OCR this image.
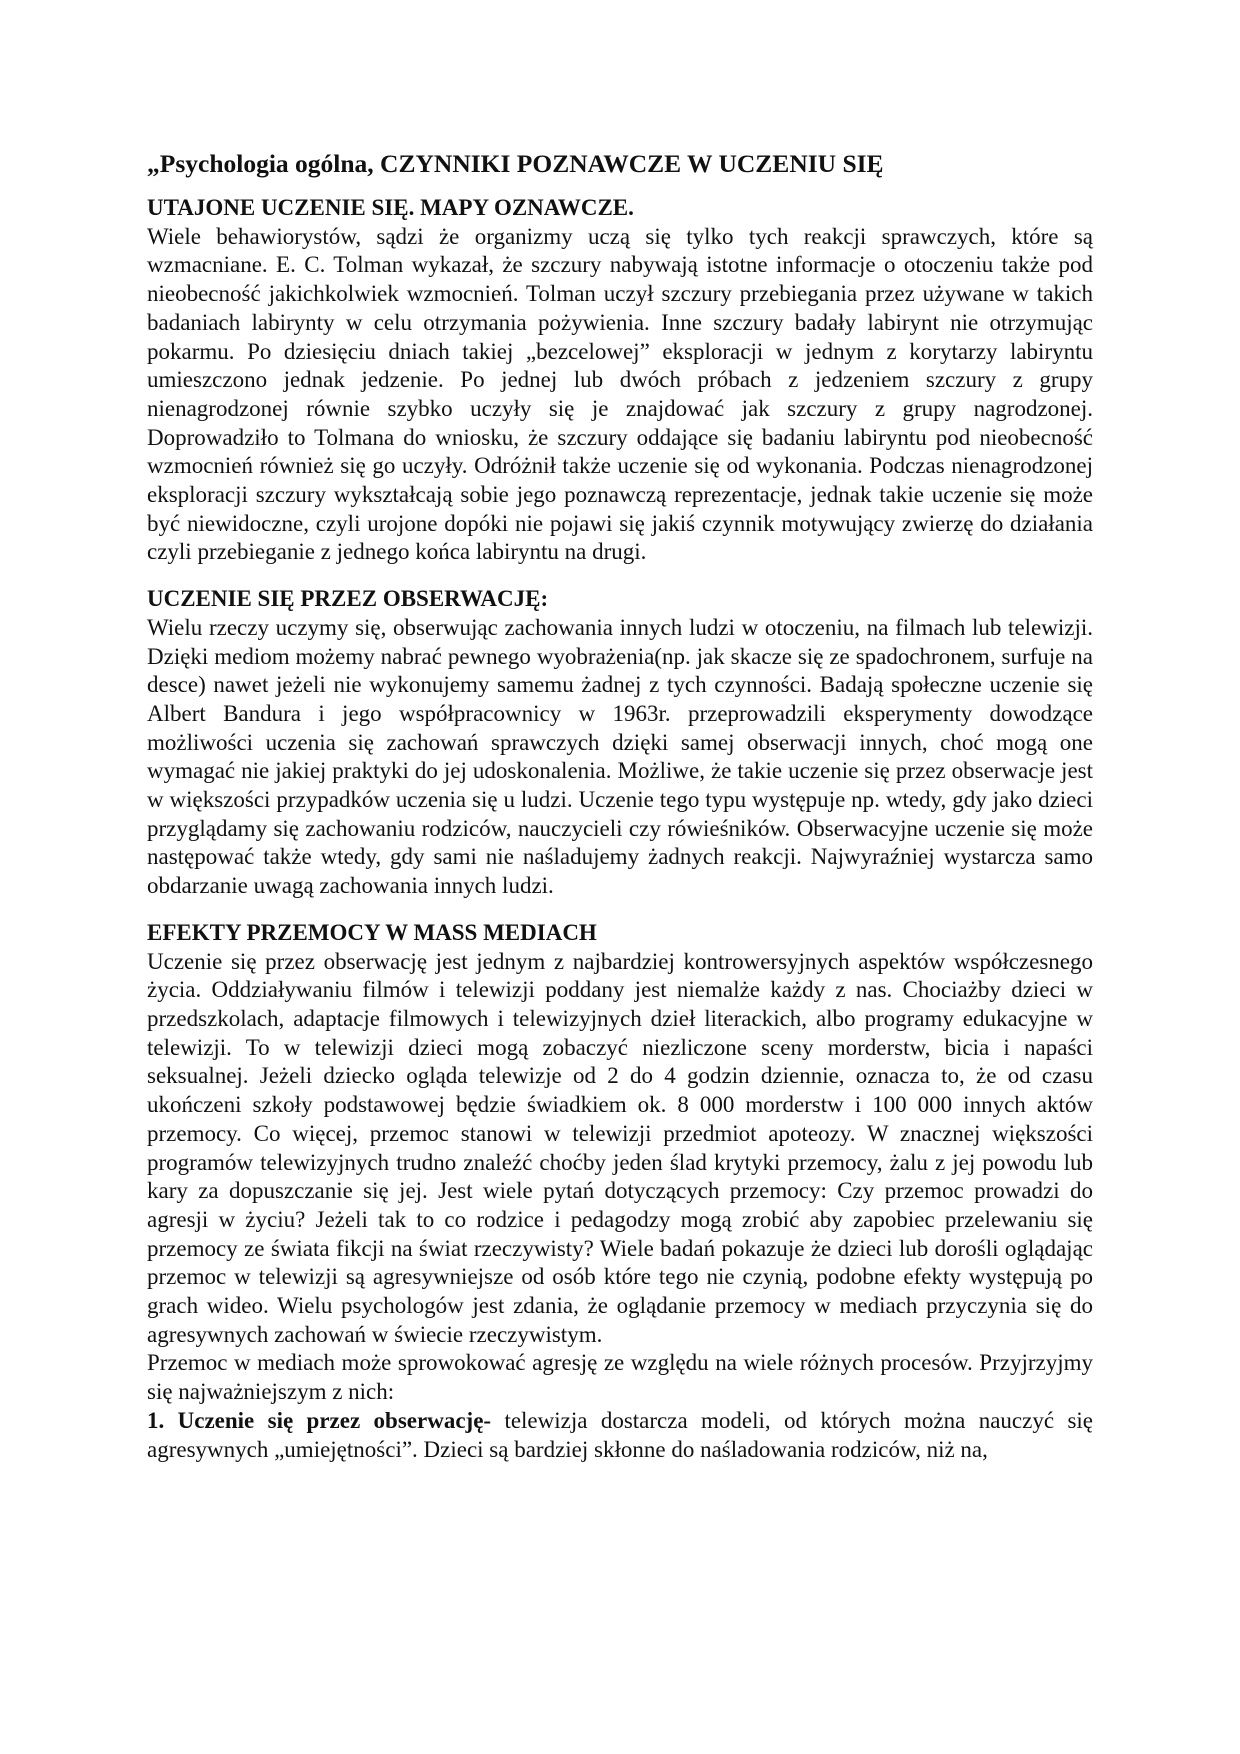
„Psychologia ogólna, CZYNNIKI POZNAWCZE W UCZENIU SIĘ
UTAJONE UCZENIE SIĘ. MAPY OZNAWCZE.

Wiele behawiorystów, sądzi że organizmy uczą się tylko tych reakcji sprawczych, które są wzmacniane. E. C. Tolman wykazał, że szczury nabywają istotne informacje o otoczeniu także pod nieobecność jakichkolwiek wzmocnień. Tolman uczył szczury przebiegania przez używane w takich badaniach labirynty w celu otrzymania pożywienia. Inne szczury badały labirynt nie otrzymując pokarmu. Po dziesięciu dniach takiej „bezcelowej” eksploracji w jednym z korytarzy labiryntu umieszczono jednak jedzenie. Po jednej lub dwóch próbach z jedzeniem szczury z grupy nienagrodzonej równie szybko uczyły się je znajdować jak szczury z grupy nagrodzonej. Doprowadziło to Tolmana do wniosku, że szczury oddające się badaniu labiryntu pod nieobecność wzmocnień również się go uczyły. Odróżnił także uczenie się od wykonania. Podczas nienagrodzonej eksploracji szczury wykształcają sobie jego poznawczą reprezentacje, jednak takie uczenie się może być niewidoczne, czyli urojone dopóki nie pojawi się jakiś czynnik motywujący zwierzę do działania czyli przebieganie z jednego końca labiryntu na drugi.

UCZENIE SIĘ PRZEZ OBSERWACJĘ:

Wielu rzeczy uczymy się, obserwując zachowania innych ludzi w otoczeniu, na filmach lub telewizji. Dzięki mediom możemy nabrać pewnego wyobrażenia(np. jak skacze się ze spadochronem, surfuje na desce) nawet jeżeli nie wykonujemy samemu żadnej z tych czynności. Badają społeczne uczenie się Albert Bandura i jego współpracownicy w 1963r. przeprowadzili eksperymenty dowodzące możliwości uczenia się zachowań sprawczych dzięki samej obserwacji innych, choć mogą one wymagać nie jakiej praktyki do jej udoskonalenia. Możliwe, że takie uczenie się przez obserwacje jest w większości przypadków uczenia się u ludzi. Uczenie tego typu występuje np. wtedy, gdy jako dzieci przyglądamy się zachowaniu rodziców, nauczycieli czy rówieśników. Obserwacyjne uczenie się może następować także wtedy, gdy sami nie naśladujemy żadnych reakcji. Najwyraźniej wystarcza samo obdarzanie uwagą zachowania innych ludzi.

EFEKTY PRZEMOCY W MASS MEDIACH

Uczenie się przez obserwację jest jednym z najbardziej kontrowersyjnych aspektów współczesnego życia. Oddziaływaniu filmów i telewizji poddany jest niemalże każdy z nas. Chociażby dzieci w przedszkolach, adaptacje filmowych i telewizyjnych dzieł literackich, albo programy edukacyjne w telewizji. To w telewizji dzieci mogą zobaczyć niezliczone sceny morderstw, bicia i napaści seksualnej. Jeżeli dziecko ogląda telewizje od 2 do 4 godzin dziennie, oznacza to, że od czasu ukończeni szkoły podstawowej będzie świadkiem ok. 8 000 morderstw i 100 000 innych aktów przemocy. Co więcej, przemoc stanowi w telewizji przedmiot apoteozy. W znacznej większości programów telewizyjnych trudno znaleźć choćby jeden ślad krytyki przemocy, żalu z jej powodu lub kary za dopuszczanie się jej. Jest wiele pytań dotyczących przemocy: Czy przemoc prowadzi do agresji w życiu? Jeżeli tak to co rodzice i pedagodzy mogą zrobić aby zapobiec przelewaniu się przemocy ze świata fikcji na świat rzeczywisty? Wiele badań pokazuje że dzieci lub dorośli oglądając przemoc w telewizji są agresywniejsze od osób które tego nie czynią, podobne efekty występują po grach wideo. Wielu psychologów jest zdania, że oglądanie przemocy w mediach przyczynia się do agresywnych zachowań w świecie rzeczywistym.

Przemoc w mediach może sprowokować agresję ze względu na wiele różnych procesów. Przyjrzyjmy się najważniejszym z nich:

1. Uczenie się przez obserwację- telewizja dostarcza modeli, od których można nauczyć się agresywnych „umiejętności”. Dzieci są bardziej skłonne do naśladowania rodziców, niż na,
